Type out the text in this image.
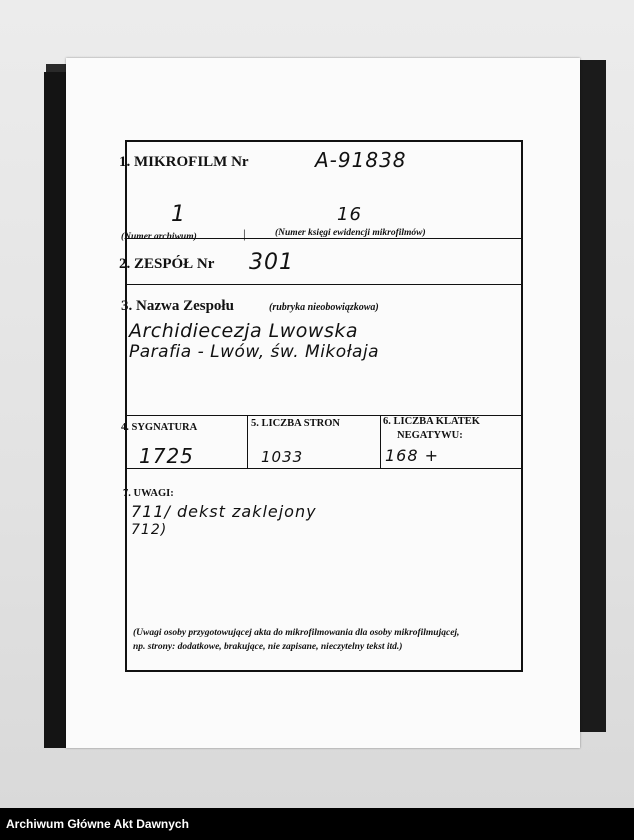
1. MIKROFILM Nr	A-91838
1
(Numer archiwum)	|
16
(Numer księgi ewidencji mikrofilmów)
2. ZESPÓŁ Nr 301
3. Nazwa Zespołu	(rubryka nieobowiązkowa)
Archidiecezja Lwowska
Parafia - Lwów, św. Mikołaja
4. SYGNATURA
1725
5. LICZBA STRON
1033
6. LICZBA KLATEK
NEGATYWU:
168 +
7. UWAGI:
711/ dekst zaklejony
712)
(Uwagi osoby przygotowującej akta do mikrofilmowania dla osoby mikrofilmującej,
np. strony: dodatkowe, brakujące, nie zapisane, nieczytelny tekst itd.)
Archiwum Główne Akt Dawnych
